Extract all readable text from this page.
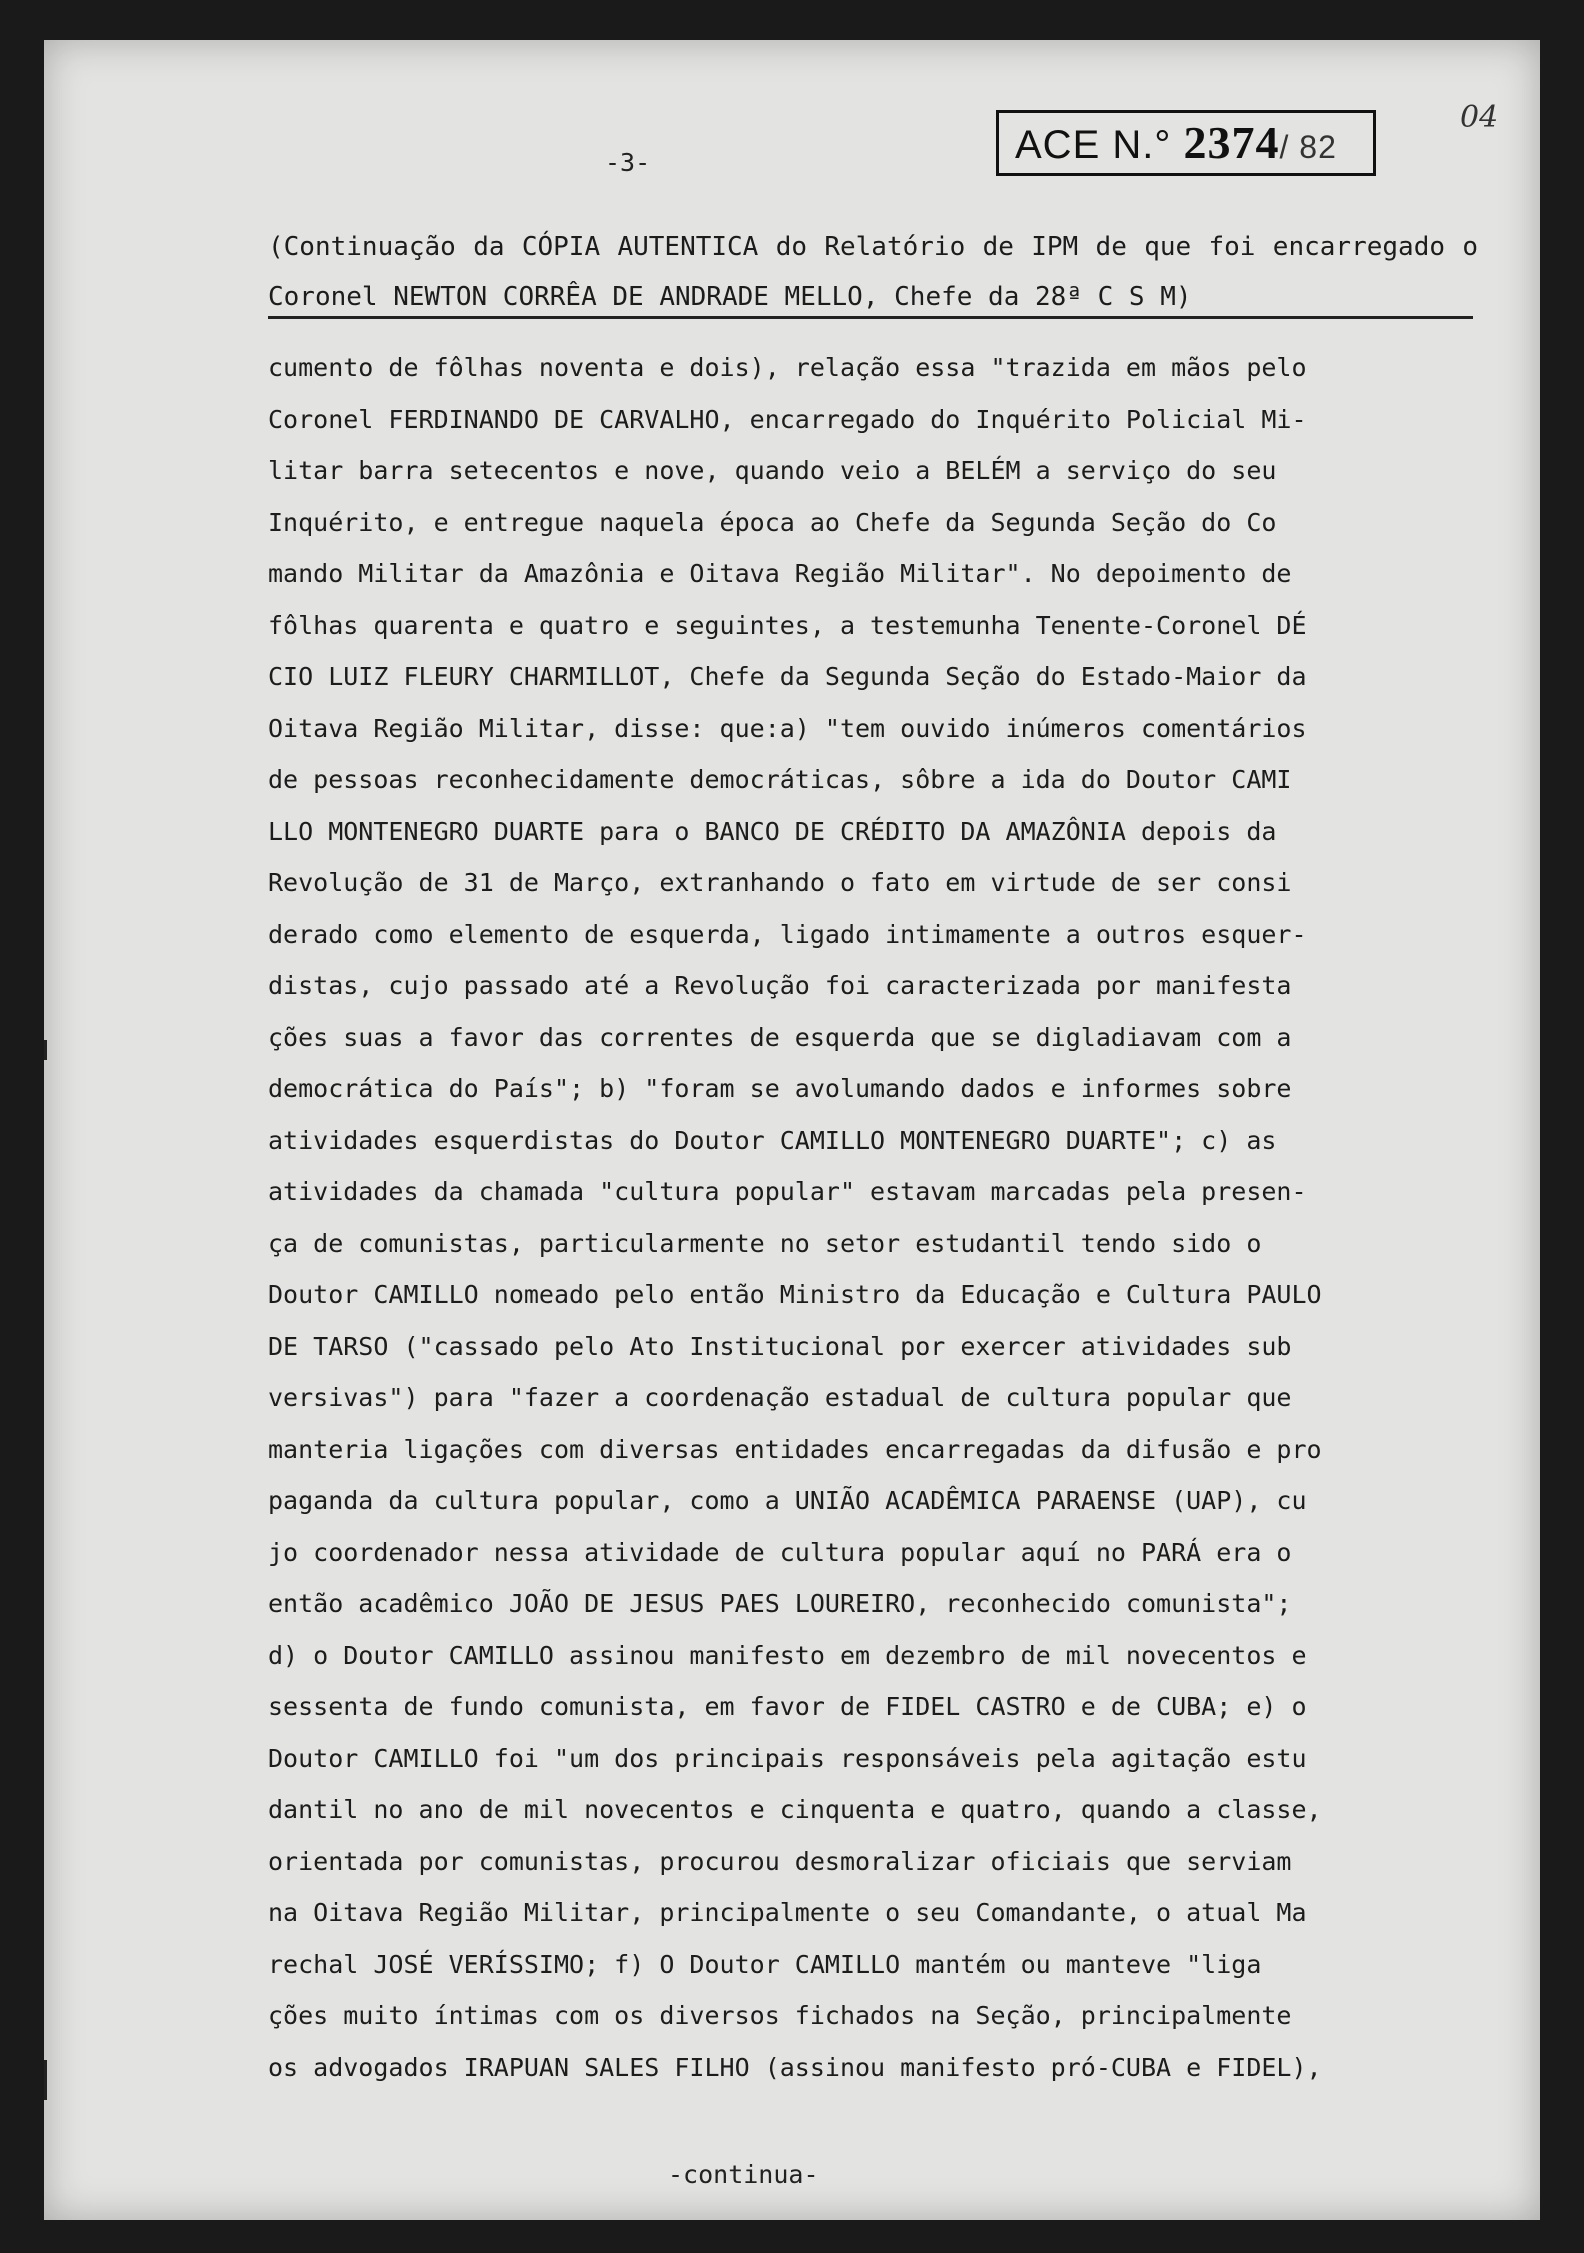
-3-	ACE N.° 2374/ 82
04
(Continuação da CÓPIA AUTENTICA do Relatório de IPM de que foi encarregado o Coronel NEWTON CORRÊA DE ANDRADE MELLO, Chefe da 28ª C S M)
cumento de fôlhas noventa e dois), relação essa "trazida em mãos pelo
Coronel FERDINANDO DE CARVALHO, encarregado do Inquérito Policial Mi-
litar barra setecentos e nove, quando veio a BELÉM a serviço do seu
Inquérito, e entregue naquela época ao Chefe da Segunda Seção do Co
mando Militar da Amazônia e Oitava Região Militar". No depoimento de
fôlhas quarenta e quatro e seguintes, a testemunha Tenente-Coronel DÉ
CIO LUIZ FLEURY CHARMILLOT, Chefe da Segunda Seção do Estado-Maior da
Oitava Região Militar, disse: que:a) "tem ouvido inúmeros comentários
de pessoas reconhecidamente democráticas, sôbre a ida do Doutor CAMI
LLO MONTENEGRO DUARTE para o BANCO DE CRÉDITO DA AMAZÔNIA depois da
Revolução de 31 de Março, extranhando o fato em virtude de ser consi
derado como elemento de esquerda, ligado intimamente a outros esquer-
distas, cujo passado até a Revolução foi caracterizada por manifesta
ções suas a favor das correntes de esquerda que se digladiavam com a
democrática do País"; b) "foram se avolumando dados e informes sobre
atividades esquerdistas do Doutor CAMILLO MONTENEGRO DUARTE"; c) as
atividades da chamada "cultura popular" estavam marcadas pela presen-
ça de comunistas, particularmente no setor estudantil tendo sido o
Doutor CAMILLO nomeado pelo então Ministro da Educação e Cultura PAULO
DE TARSO ("cassado pelo Ato Institucional por exercer atividades sub
versivas") para "fazer a coordenação estadual de cultura popular que
manteria ligações com diversas entidades encarregadas da difusão e pro
paganda da cultura popular, como a UNIÃO ACADÊMICA PARAENSE (UAP), cu
jo coordenador nessa atividade de cultura popular aquí no PARÁ era o
então acadêmico JOÃO DE JESUS PAES LOUREIRO, reconhecido comunista";
d) o Doutor CAMILLO assinou manifesto em dezembro de mil novecentos e
sessenta de fundo comunista, em favor de FIDEL CASTRO e de CUBA; e) o
Doutor CAMILLO foi "um dos principais responsáveis pela agitação estu
dantil no ano de mil novecentos e cinquenta e quatro, quando a classe,
orientada por comunistas, procurou desmoralizar oficiais que serviam
na Oitava Região Militar, principalmente o seu Comandante, o atual Ma
rechal JOSÉ VERÍSSIMO; f) O Doutor CAMILLO mantém ou manteve "liga
ções muito íntimas com os diversos fichados na Seção, principalmente
os advogados IRAPUAN SALES FILHO (assinou manifesto pró-CUBA e FIDEL),
-continua-
